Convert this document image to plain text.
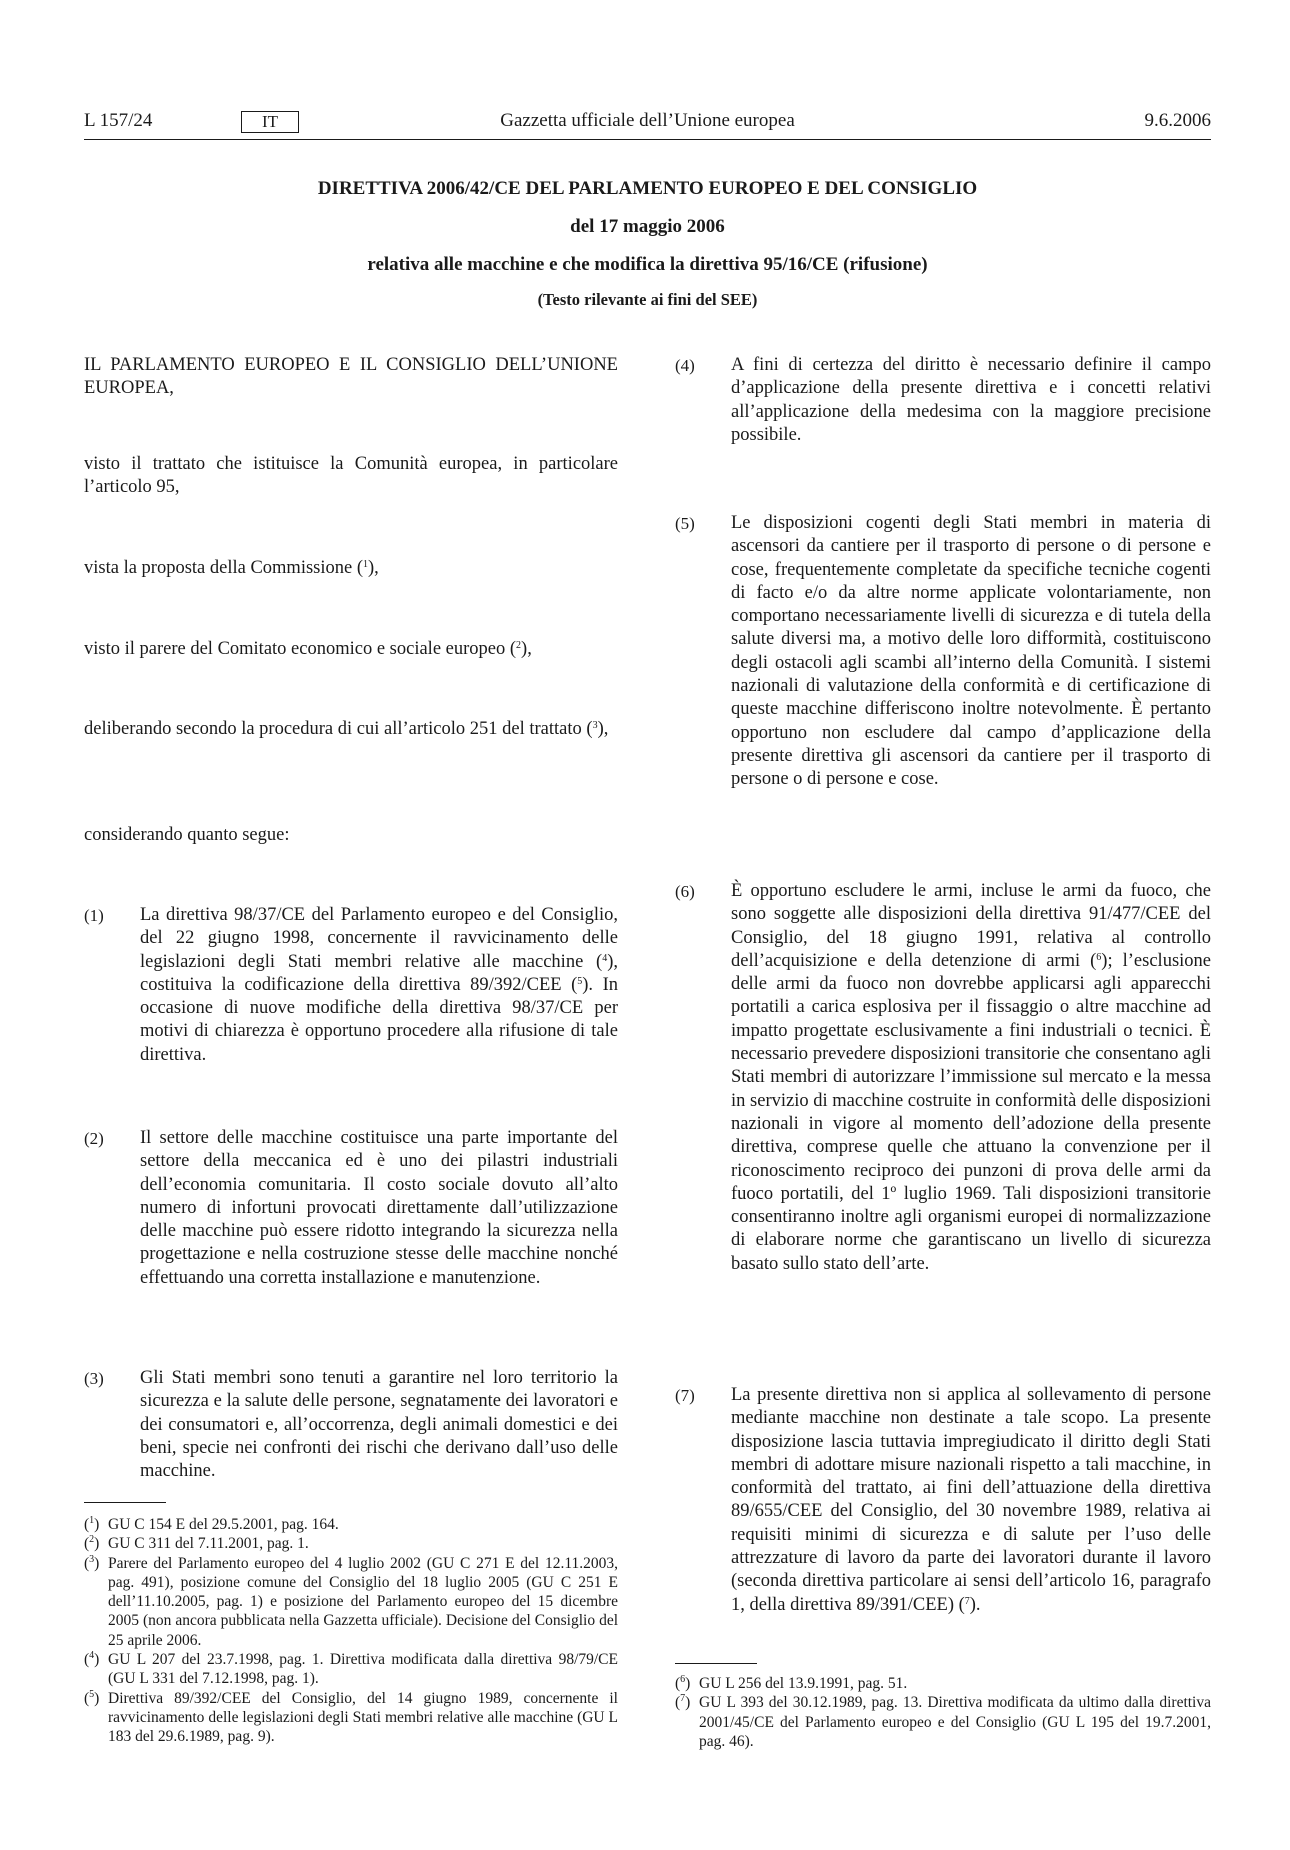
L 157/24	Gazzetta ufficiale dell’Unione europea
IT	9.6.2006
DIRETTIVA 2006/42/CE DEL PARLAMENTO EUROPEO E DEL CONSIGLIO
del 17 maggio 2006
relativa alle macchine e che modifica la direttiva 95/16/CE (rifusione)
(Testo rilevante ai fini del SEE)

IL PARLAMENTO EUROPEO E IL CONSIGLIO DELL’UNIONE EUROPEA,

visto il trattato che istituisce la Comunità europea, in particolare l’articolo 95,

vista la proposta della Commissione ($^1$),

visto il parere del Comitato economico e sociale europeo ($^2$),

deliberando secondo la procedura di cui all’articolo 251 del trattato ($^3$),

considerando quanto segue:

(1) La direttiva 98/37/CE del Parlamento europeo e del Consiglio, del 22 giugno 1998, concernente il ravvicinamento delle legislazioni degli Stati membri relative alle macchine ($^4$), costituiva la codificazione della direttiva 89/392/CEE ($^5$). In occasione di nuove modifiche della direttiva 98/37/CE per motivi di chiarezza è opportuno procedere alla rifusione di tale direttiva.

(2) Il settore delle macchine costituisce una parte importante del settore della meccanica ed è uno dei pilastri industriali dell’economia comunitaria. Il costo sociale dovuto all’alto numero di infortuni provocati direttamente dall’utilizzazione delle macchine può essere ridotto integrando la sicurezza nella progettazione e nella costruzione stesse delle macchine nonché effettuando una corretta installazione e manutenzione.

(3) Gli Stati membri sono tenuti a garantire nel loro territorio la sicurezza e la salute delle persone, segnatamente dei lavoratori e dei consumatori e, all’occorrenza, degli animali domestici e dei beni, specie nei confronti dei rischi che derivano dall’uso delle macchine.

($^1$) GU C 154 E del 29.5.2001, pag. 164.
($^2$) GU C 311 del 7.11.2001, pag. 1.
($^3$) Parere del Parlamento europeo del 4 luglio 2002 (GU C 271 E del 12.11.2003, pag. 491), posizione comune del Consiglio del 18 luglio 2005 (GU C 251 E dell’11.10.2005, pag. 1) e posizione del Parlamento europeo del 15 dicembre 2005 (non ancora pubblicata nella Gazzetta ufficiale). Decisione del Consiglio del 25 aprile 2006.
($^4$) GU L 207 del 23.7.1998, pag. 1. Direttiva modificata dalla direttiva 98/79/CE (GU L 331 del 7.12.1998, pag. 1).
($^5$) Direttiva 89/392/CEE del Consiglio, del 14 giugno 1989, concernente il ravvicinamento delle legislazioni degli Stati membri relative alle macchine (GU L 183 del 29.6.1989, pag. 9).
(4) A fini di certezza del diritto è necessario definire il campo d’applicazione della presente direttiva e i concetti relativi all’applicazione della medesima con la maggiore precisione possibile.

(5) Le disposizioni cogenti degli Stati membri in materia di ascensori da cantiere per il trasporto di persone o di persone e cose, frequentemente completate da specifiche tecniche cogenti di facto e/o da altre norme applicate volontariamente, non comportano necessariamente livelli di sicurezza e di tutela della salute diversi ma, a motivo delle loro difformità, costituiscono degli ostacoli agli scambi all’interno della Comunità. I sistemi nazionali di valutazione della conformità e di certificazione di queste macchine differiscono inoltre notevolmente. È pertanto opportuno non escludere dal campo d’applicazione della presente direttiva gli ascensori da cantiere per il trasporto di persone o di persone e cose.

(6) È opportuno escludere le armi, incluse le armi da fuoco, che sono soggette alle disposizioni della direttiva 91/477/CEE del Consiglio, del 18 giugno 1991, relativa al controllo dell’acquisizione e della detenzione di armi ($^6$); l’esclusione delle armi da fuoco non dovrebbe applicarsi agli apparecchi portatili a carica esplosiva per il fissaggio o altre macchine ad impatto progettate esclusivamente a fini industriali o tecnici. È necessario prevedere disposizioni transitorie che consentano agli Stati membri di autorizzare l’immissione sul mercato e la messa in servizio di macchine costruite in conformità delle disposizioni nazionali in vigore al momento dell’adozione della presente direttiva, comprese quelle che attuano la convenzione per il riconoscimento reciproco dei punzoni di prova delle armi da fuoco portatili, del 1º luglio 1969. Tali disposizioni transitorie consentiranno inoltre agli organismi europei di normalizzazione di elaborare norme che garantiscano un livello di sicurezza basato sullo stato dell’arte.

(7) La presente direttiva non si applica al sollevamento di persone mediante macchine non destinate a tale scopo. La presente disposizione lascia tuttavia impregiudicato il diritto degli Stati membri di adottare misure nazionali rispetto a tali macchine, in conformità del trattato, ai fini dell’attuazione della direttiva 89/655/CEE del Consiglio, del 30 novembre 1989, relativa ai requisiti minimi di sicurezza e di salute per l’uso delle attrezzature di lavoro da parte dei lavoratori durante il lavoro (seconda direttiva particolare ai sensi dell’articolo 16, paragrafo 1, della direttiva 89/391/CEE) ($^7$).

($^6$) GU L 256 del 13.9.1991, pag. 51.
($^7$) GU L 393 del 30.12.1989, pag. 13. Direttiva modificata da ultimo dalla direttiva 2001/45/CE del Parlamento europeo e del Consiglio (GU L 195 del 19.7.2001, pag. 46).
